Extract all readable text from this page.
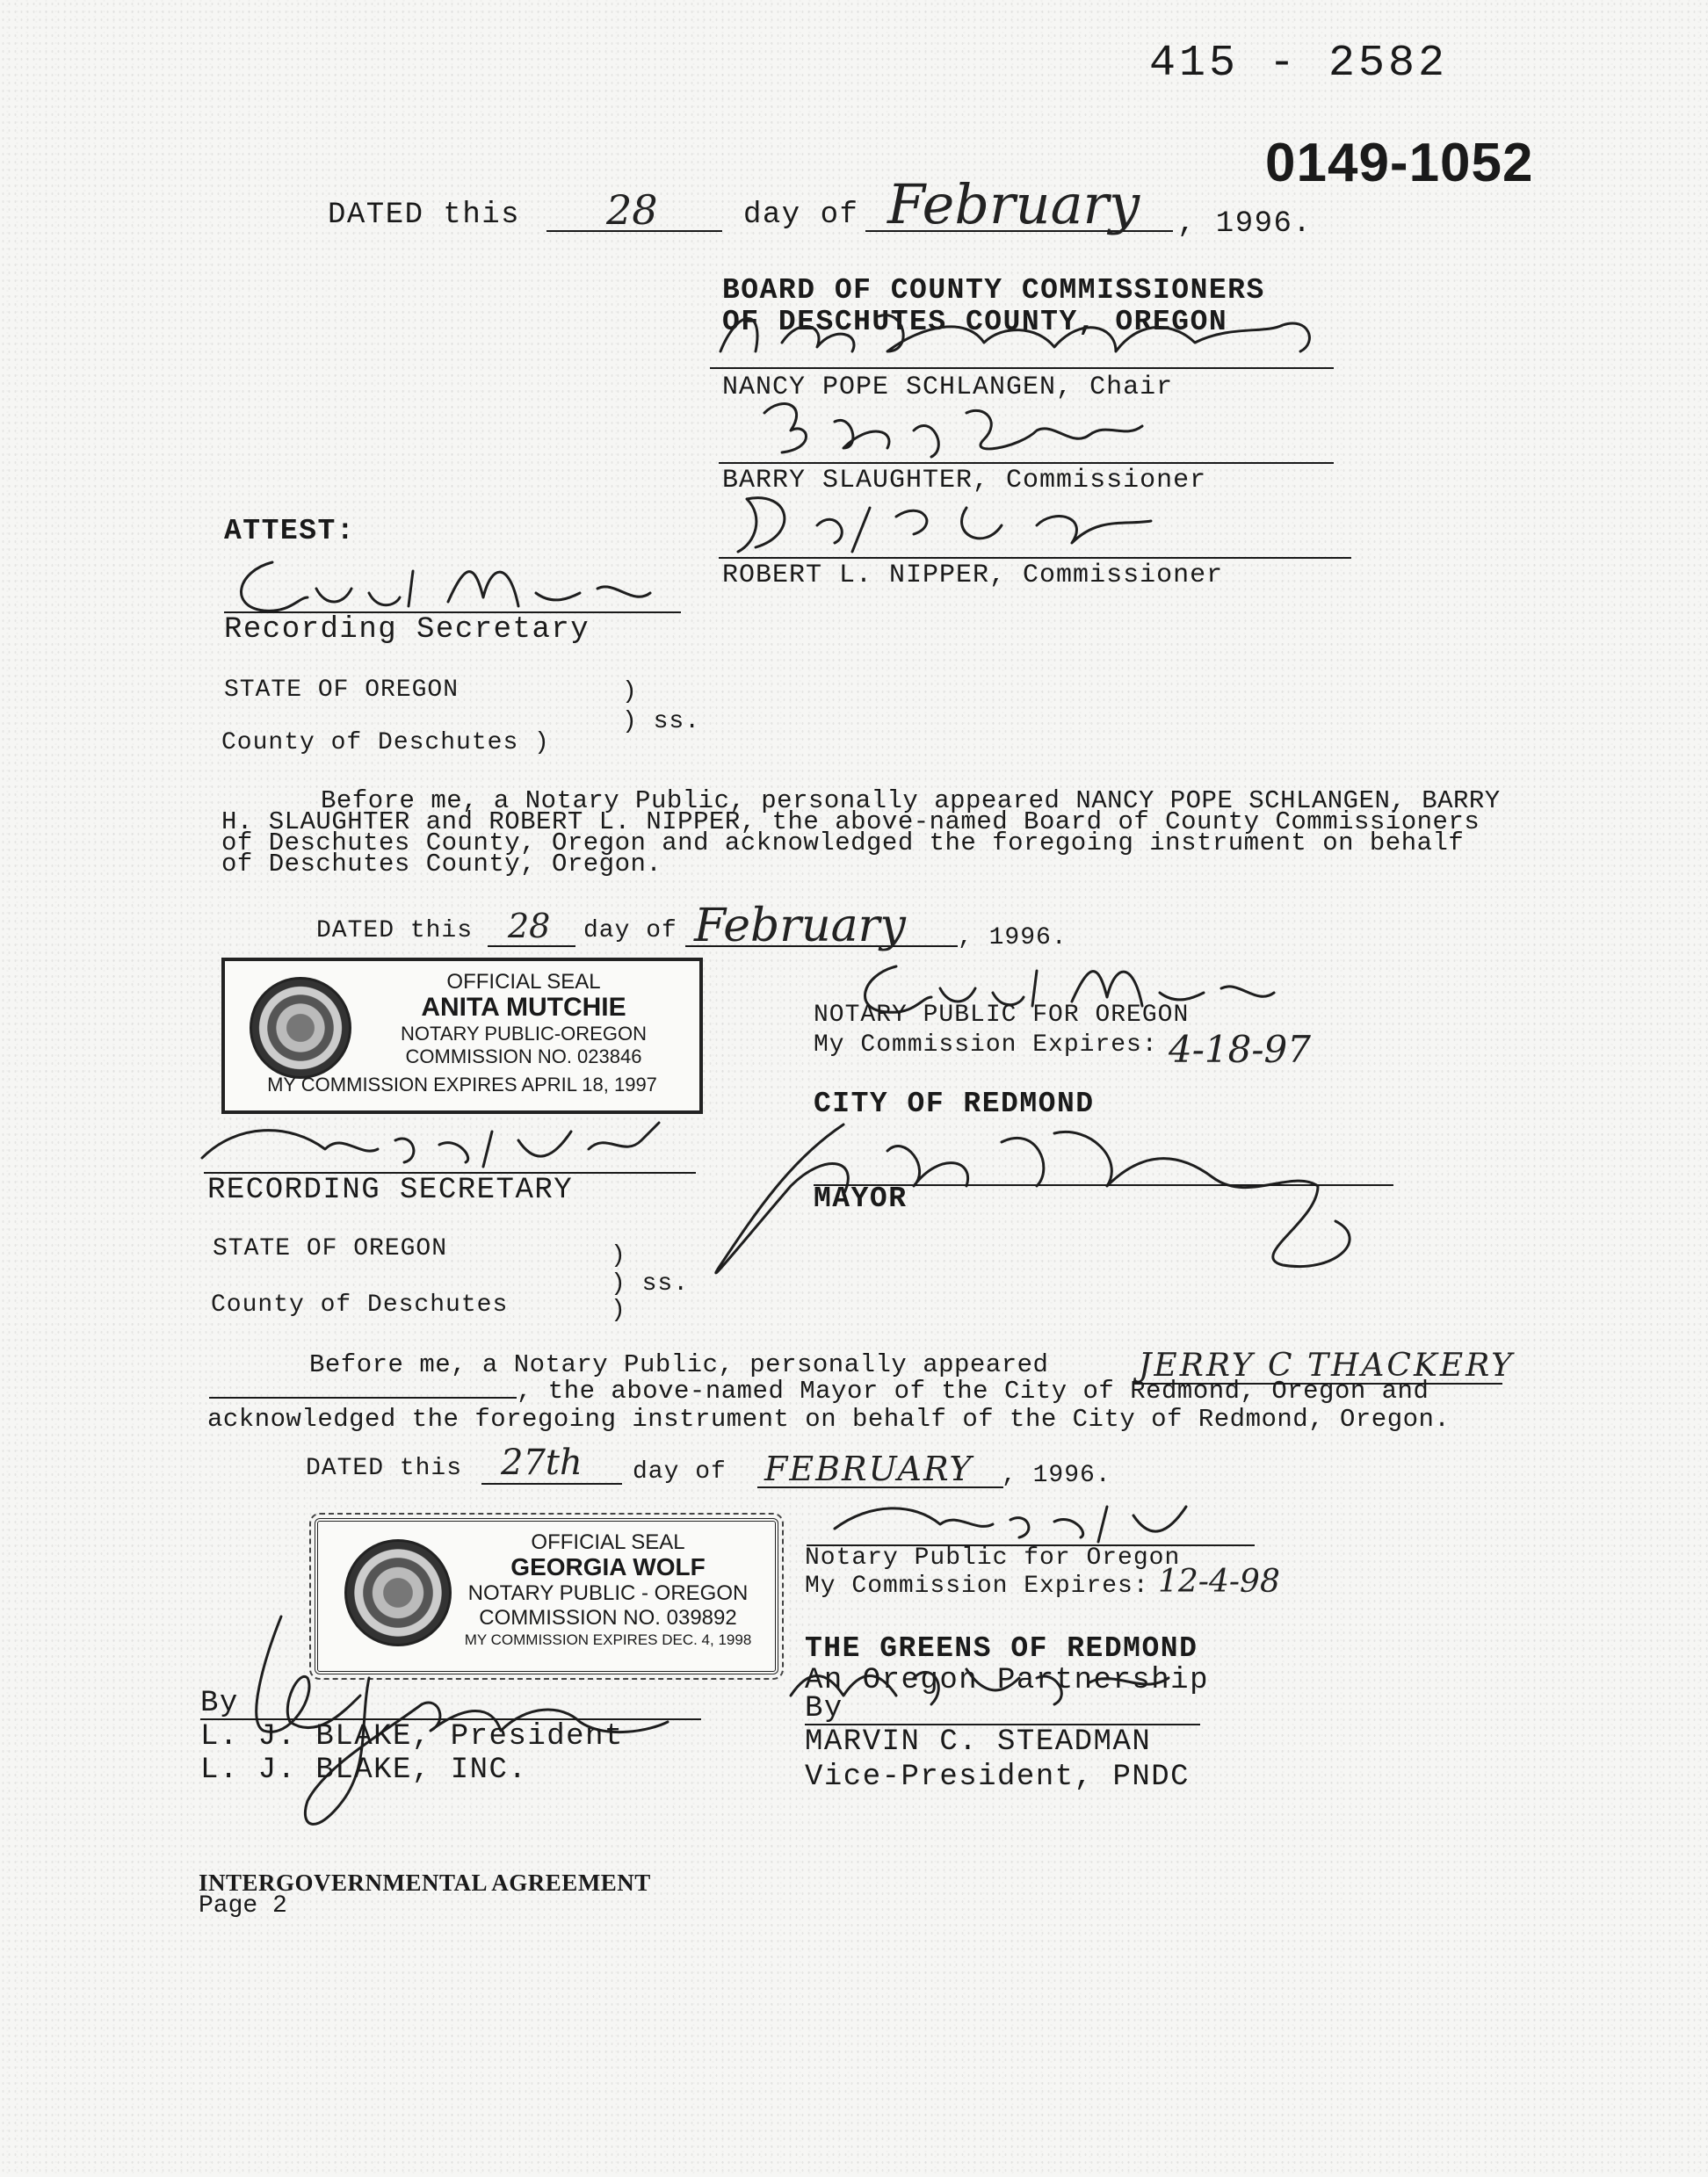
415 - 2582
0149-1052
DATED this 28	day of February , 1996.
BOARD OF COUNTY COMMISSIONERS
OF DESCHUTES COUNTY, OREGON
NANCY POPE SCHLANGEN, Chair
BARRY SLAUGHTER, Commissioner
ATTEST:
ROBERT L. NIPPER, Commissioner
Recording Secretary
STATE OF OREGON	)
) ss.
County of Deschutes )
Before me, a Notary Public, personally appeared NANCY POPE SCHLANGEN, BARRY
H. SLAUGHTER and ROBERT L. NIPPER, the above-named Board of County Commissioners
of Deschutes County, Oregon and acknowledged the foregoing instrument on behalf
of Deschutes County, Oregon.
DATED this 28 day of February , 1996.
OFFICIAL SEAL
ANITA MUTCHIE
NOTARY PUBLIC-OREGON
COMMISSION NO. 023846
MY COMMISSION EXPIRES APRIL 18, 1997
NOTARY PUBLIC FOR OREGON
My Commission Expires: 4-18-97
RECORDING SECRETARY
CITY OF REDMOND
MAYOR
STATE OF OREGON	)
) ss.
County of Deschutes	)
Before me, a Notary Public, personally appeared	JERRY C THACKERY
, the above-named Mayor of the City of Redmond, Oregon and
acknowledged the foregoing instrument on behalf of the City of Redmond, Oregon.
DATED this 27th day of FEBRUARY , 1996.
OFFICIAL SEAL
GEORGIA WOLF
NOTARY PUBLIC - OREGON
COMMISSION NO. 039892
MY COMMISSION EXPIRES DEC. 4, 1998
Notary Public for Oregon
My Commission Expires: 12-4-98
THE GREENS OF REDMOND
An Oregon Partnership
By
MARVIN C. STEADMAN
Vice-President, PNDC
By
L. J. BLAKE, President
L. J. BLAKE, INC.
INTERGOVERNMENTAL AGREEMENT
Page 2
